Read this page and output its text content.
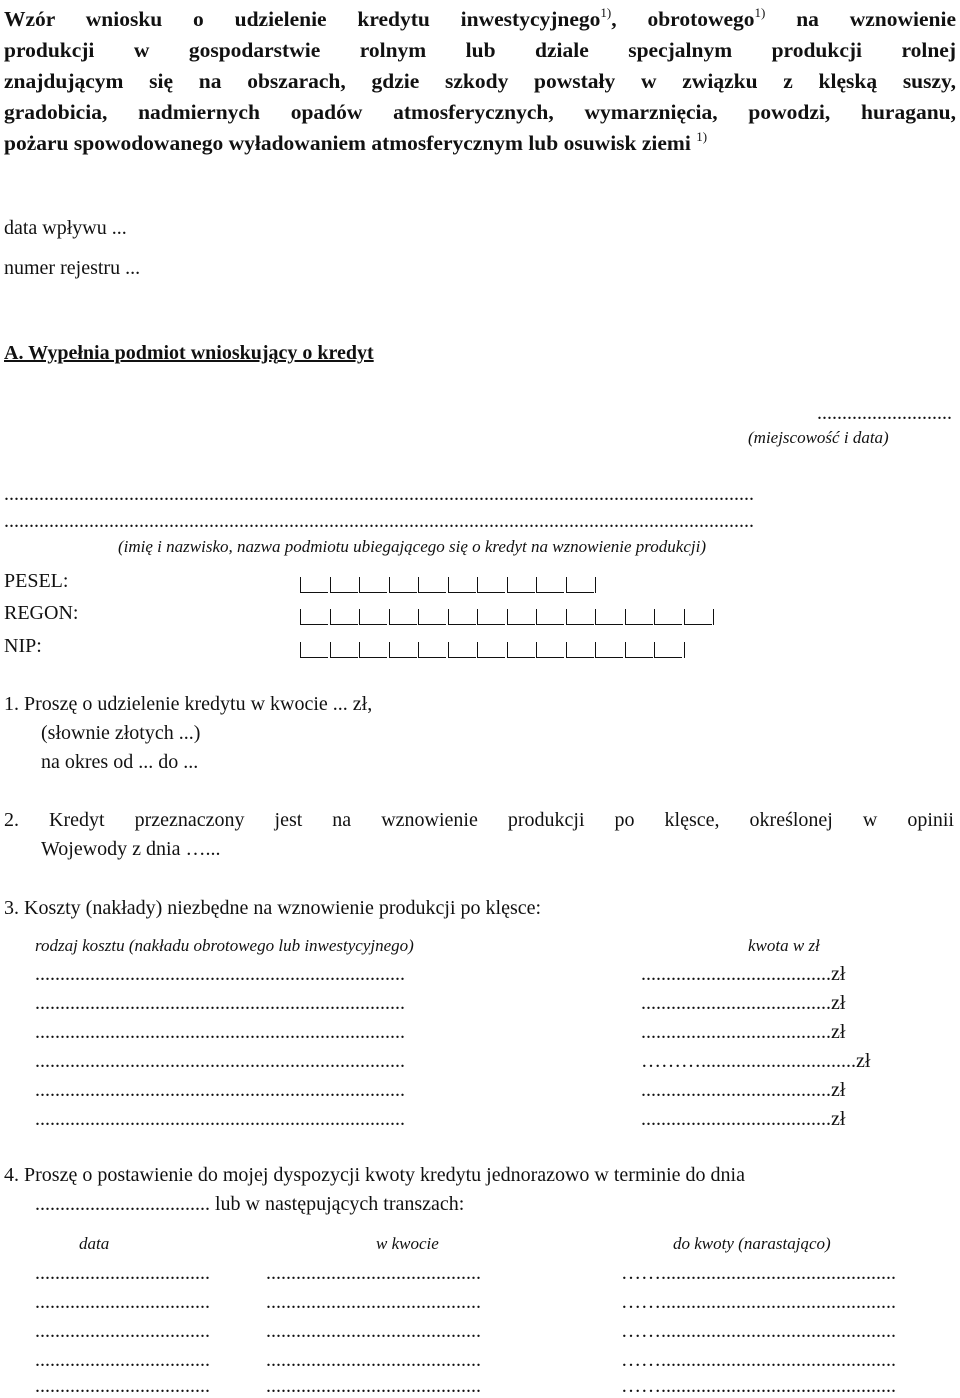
Wzór wniosku o udzielenie kredytu inwestycyjnego$^{1)}$, obrotowego$^{1)}$ na wznowienie
produkcji w gospodarstwie rolnym lub dziale specjalnym produkcji rolnej
znajdującym się na obszarach, gdzie szkody powstały w związku z klęską suszy,
gradobicia, nadmiernych opadów atmosferycznych, wymarznięcia, powodzi, huraganu,
pożaru spowodowanego wyładowaniem atmosferycznym lub osuwisk ziemi $^{1)}$
data wpływu ...
numer rejestru ...
A. Wypełnia podmiot wnioskujący o kredyt
...........................
(miejscowość i data)
......................................................................................................................................................
......................................................................................................................................................
(imię i nazwisko, nazwa podmiotu ubiegającego się o kredyt na wznowienie produkcji)
PESEL:
REGON:
NIP:
1. Proszę o udzielenie kredytu w kwocie ... zł,
(słownie złotych ...)
na okres od ... do ...
2. Kredyt przeznaczony jest na wznowienie produkcji po klęsce, określonej w opinii
Wojewody z dnia …...
3. Koszty (nakłady) niezbędne na wznowienie produkcji po klęsce:
rodzaj kosztu (nakładu obrotowego lub inwestycyjnego)	kwota w zł
..........................................................................	......................................zł
..........................................................................	......................................zł
..........................................................................	......................................zł
..........................................................................	………...............................zł
..........................................................................	......................................zł
..........................................................................	......................................zł
4. Proszę o postawienie do mojej dyspozycji kwoty kredytu jednorazowo w terminie do dnia
................................... lub w następujących transzach:
data	w kwocie	do kwoty (narastająco)
...................................	...........................................	……...............................................
...................................	...........................................	……...............................................
...................................	...........................................	……...............................................
...................................	...........................................	……...............................................
...................................	...........................................	……...............................................
